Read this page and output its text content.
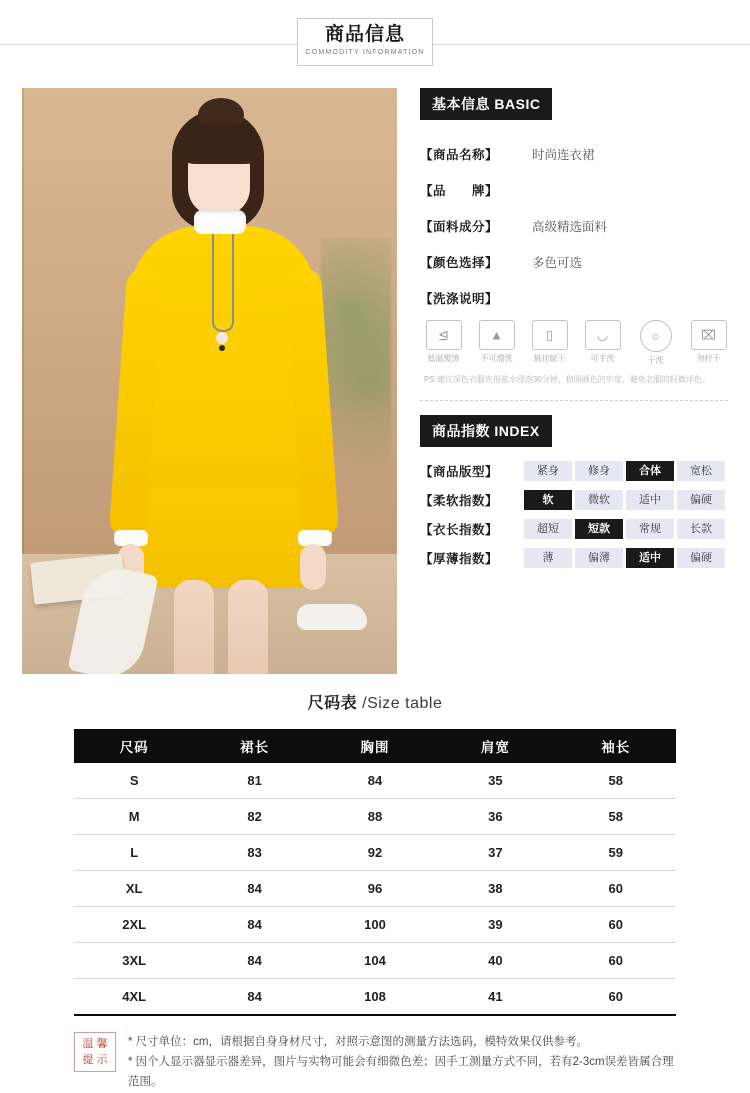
商品信息
COMMODITY INFORMATION
基本信息 BASIC
【商品名称】	时尚连衣裙
【品　　牌】
【面料成分】	高级精选面料
【颜色选择】	多色可选
【洗涤说明】
⊴
低温熨烫
▲
不可漂洗
▯
悬挂晾干
◡
可手洗
○
干洗
⌧
勿拧干
PS:建议深色衣服先用盐水浸泡30分钟，稳固颜色的牢度，避免衣服的轻微浮色。
商品指数 INDEX
【商品版型】	紧身	修身	合体	宽松
【柔软指数】	软	微软	适中	偏硬
【衣长指数】	超短	短款	常规	长款
【厚薄指数】	薄	偏薄	适中	偏硬
尺码表 /Size table
尺码	裙长	胸围	肩宽	袖长
S	81	84	35	58
M	82	88	36	58
L	83	92	37	59
XL	84	96	38	60
2XL	84	100	39	60
3XL	84	104	40	60
4XL	84	108	41	60
温 馨
提 示
* 尺寸单位：cm，请根据自身身材尺寸，对照示意图的测量方法选码，模特效果仅供参考。
* 因个人显示器显示器差异，图片与实物可能会有细微色差；因手工测量方式不同，若有2-3cm误差皆属合理范围。
